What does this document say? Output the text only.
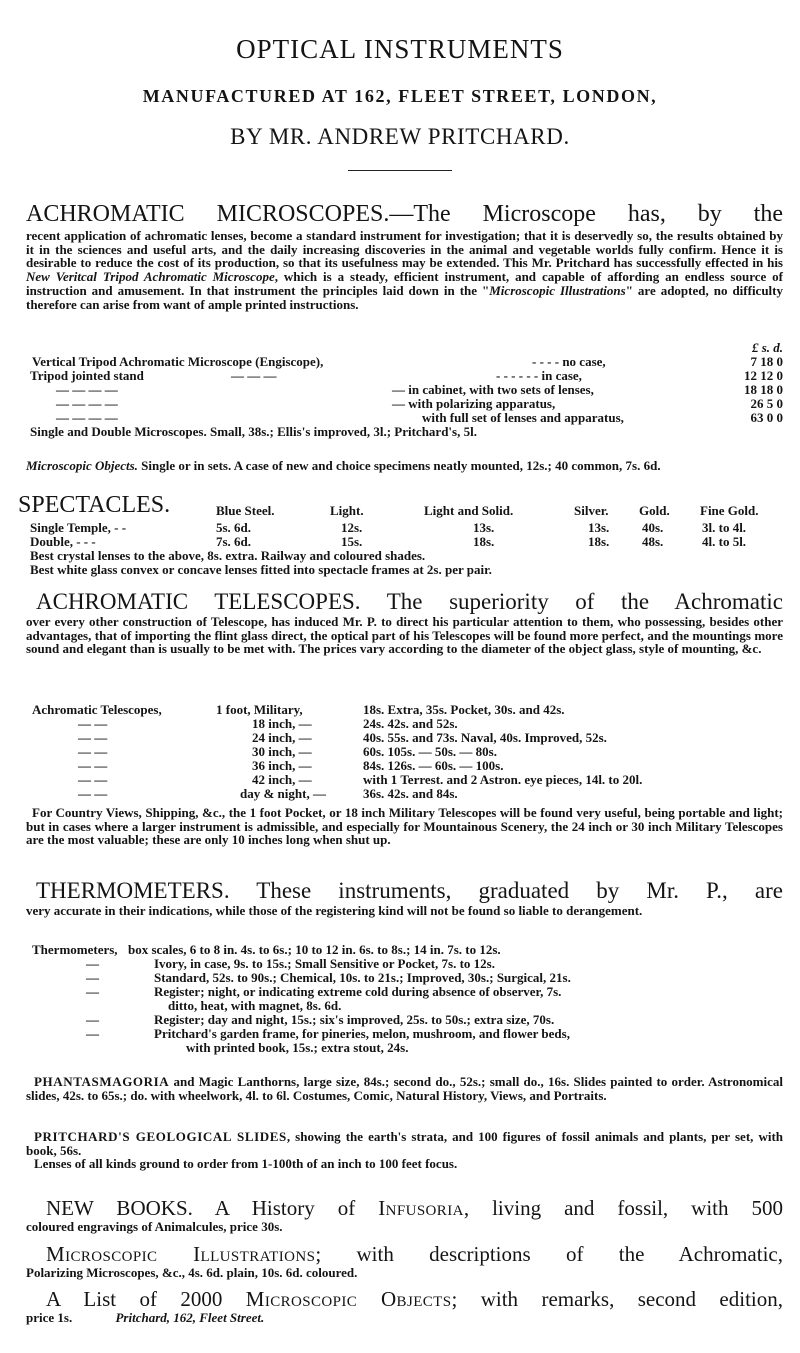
OPTICAL INSTRUMENTS
MANUFACTURED AT 162, FLEET STREET, LONDON,
BY MR. ANDREW PRITCHARD.
ACHROMATIC MICROSCOPES.—The Microscope has, by the
recent application of achromatic lenses, become a standard instrument for investigation; that it is deservedly so, the results obtained by it in the sciences and useful arts, and the daily increasing discoveries in the animal and vegetable worlds fully confirm. Hence it is desirable to reduce the cost of its production, so that its usefulness may be extended. This Mr. Pritchard has successfully effected in his New Veritcal Tripod Achromatic Microscope, which is a steady, efficient instrument, and capable of affording an endless source of instruction and amusement. In that instrument the principles laid down in the "Microscopic Illustrations" are adopted, no difficulty therefore can arise from want of ample printed instructions.
£ s. d.
Vertical Tripod Achromatic Microscope (Engiscope),	- - - - no case,	7 18 0
Tripod jointed stand	— — —	- - - - - - in case,	12 12 0
— — — —	— in cabinet, with two sets of lenses,	18 18 0
— — — —	— with polarizing apparatus,	26 5 0
— — — —	with full set of lenses and apparatus,	63 0 0
Single and Double Microscopes. Small, 38s.; Ellis's improved, 3l.; Pritchard's, 5l.
Microscopic Objects. Single or in sets. A case of new and choice specimens neatly mounted, 12s.; 40 common, 7s. 6d.
SPECTACLES.	Blue Steel.	Light.	Light and Solid.	Silver. Gold. Fine Gold.
Single Temple, - -	5s. 6d.	12s.	13s.	13s.	40s.	3l. to 4l.
Double, - - -	7s. 6d.	15s.	18s.	18s.	48s.	4l. to 5l.
Best crystal lenses to the above, 8s. extra. Railway and coloured shades.
Best white glass convex or concave lenses fitted into spectacle frames at 2s. per pair.
ACHROMATIC TELESCOPES. The superiority of the Achromatic
over every other construction of Telescope, has induced Mr. P. to direct his particular attention to them, who possessing, besides other advantages, that of importing the flint glass direct, the optical part of his Telescopes will be found more perfect, and the mountings more sound and elegant than is usually to be met with. The prices vary according to the diameter of the object glass, style of mounting, &c.
Achromatic Telescopes,	1 foot, Military,	18s. Extra, 35s. Pocket, 30s. and 42s.
— —	18 inch, —	24s. 42s. and 52s.
— —	24 inch, —	40s. 55s. and 73s. Naval, 40s. Improved, 52s.
— —	30 inch, —	60s. 105s. — 50s. — 80s.
— —	36 inch, —	84s. 126s. — 60s. — 100s.
— —	42 inch, —	with 1 Terrest. and 2 Astron. eye pieces, 14l. to 20l.
— —	day & night, —	36s. 42s. and 84s.
For Country Views, Shipping, &c., the 1 foot Pocket, or 18 inch Military Telescopes will be found very useful, being portable and light; but in cases where a larger instrument is admissible, and especially for Mountainous Scenery, the 24 inch or 30 inch Military Telescopes are the most valuable; these are only 10 inches long when shut up.
THERMOMETERS. These instruments, graduated by Mr. P., are
very accurate in their indications, while those of the registering kind will not be found so liable to derangement.
Thermometers, box scales, 6 to 8 in. 4s. to 6s.; 10 to 12 in. 6s. to 8s.; 14 in. 7s. to 12s.
—	Ivory, in case, 9s. to 15s.; Small Sensitive or Pocket, 7s. to 12s.
—	Standard, 52s. to 90s.; Chemical, 10s. to 21s.; Improved, 30s.; Surgical, 21s.
—	Register; night, or indicating extreme cold during absence of observer, 7s.
ditto, heat, with magnet, 8s. 6d.
—	Register; day and night, 15s.; six's improved, 25s. to 50s.; extra size, 70s.
—	Pritchard's garden frame, for pineries, melon, mushroom, and flower beds,
with printed book, 15s.; extra stout, 24s.
PHANTASMAGORIA and Magic Lanthorns, large size, 84s.; second do., 52s.; small do., 16s. Slides painted to order. Astronomical slides, 42s. to 65s.; do. with wheelwork, 4l. to 6l. Costumes, Comic, Natural History, Views, and Portraits.
PRITCHARD'S GEOLOGICAL SLIDES, showing the earth's strata, and 100 figures of fossil animals and plants, per set, with book, 56s.
Lenses of all kinds ground to order from 1-100th of an inch to 100 feet focus.
NEW BOOKS. A History of Infusoria, living and fossil, with 500
coloured engravings of Animalcules, price 30s.
Microscopic Illustrations; with descriptions of the Achromatic,
Polarizing Microscopes, &c., 4s. 6d. plain, 10s. 6d. coloured.
A List of 2000 Microscopic Objects; with remarks, second edition,
price 1s.	Pritchard, 162, Fleet Street.
